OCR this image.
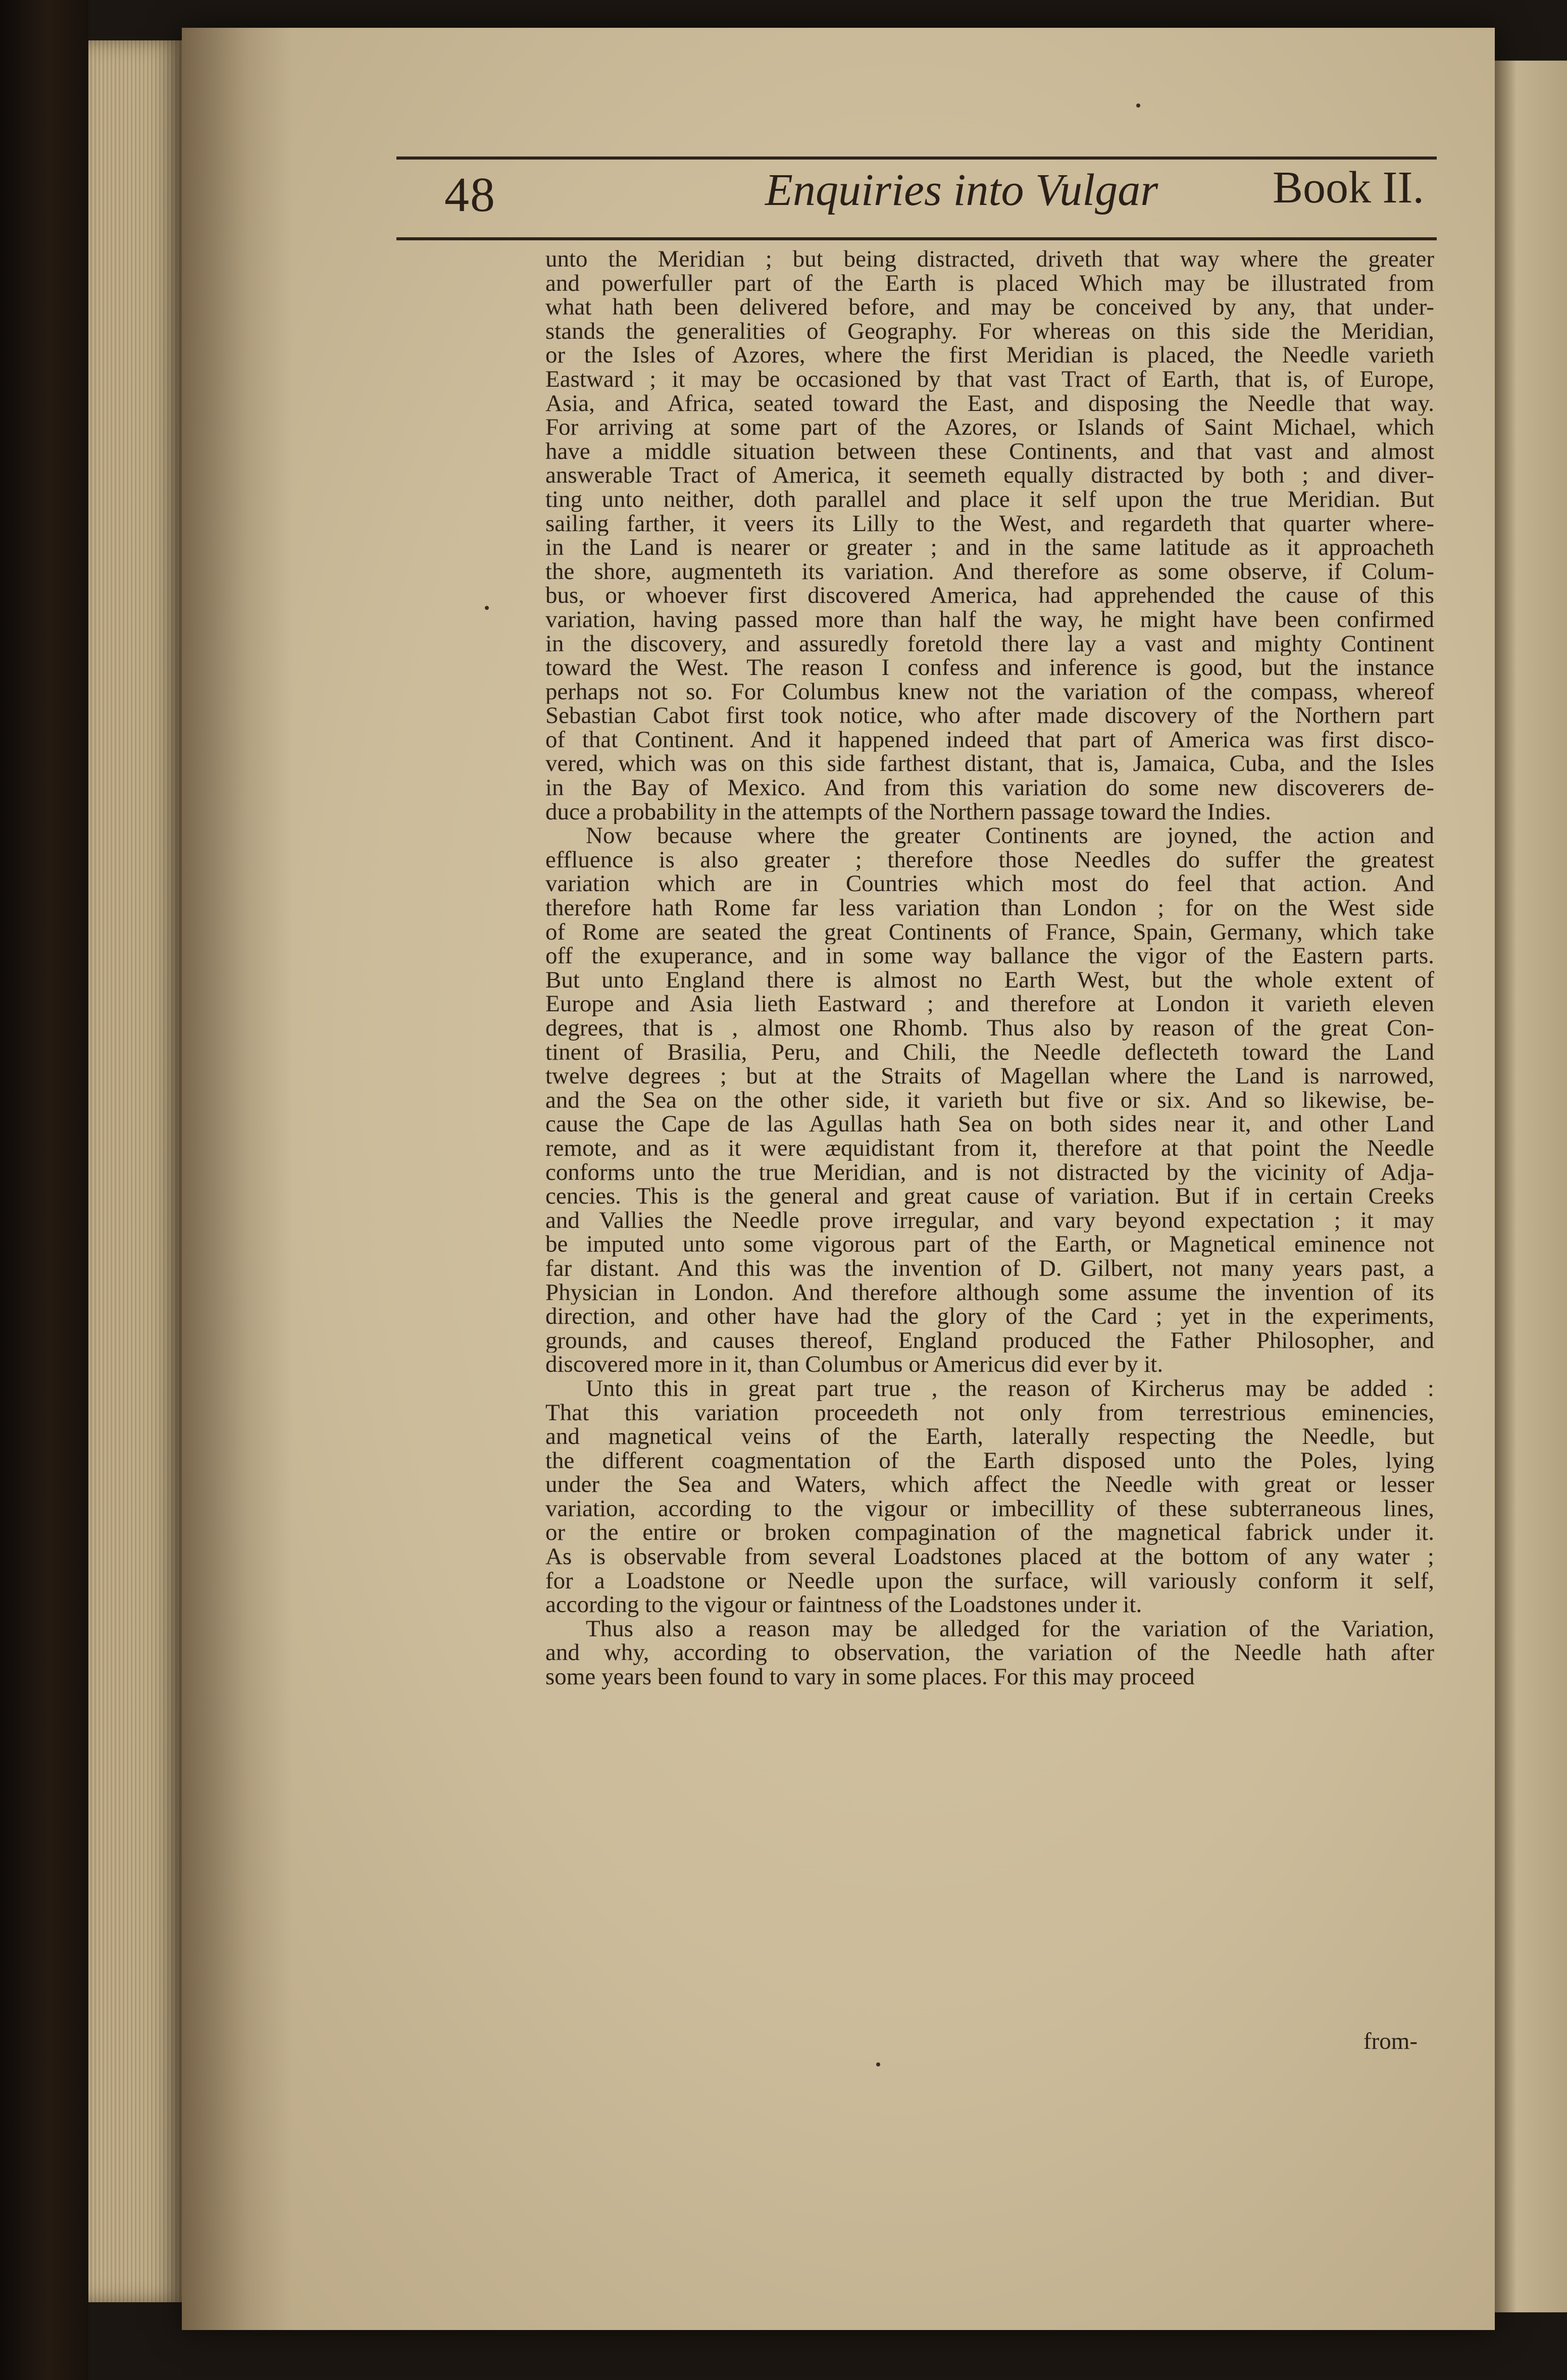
48	Enquiries into Vulgar	Book II.
unto the Meridian ; but being distracted, driveth that way where the greater
and powerfuller part of the Earth is placed Which may be illustrated from
what hath been delivered before, and may be conceived by any, that under-
stands the generalities of Geography. For whereas on this side the Meridian,
or the Isles of Azores, where the first Meridian is placed, the Needle varieth
Eastward ; it may be occasioned by that vast Tract of Earth, that is, of Europe,
Asia, and Africa, seated toward the East, and disposing the Needle that way.
For arriving at some part of the Azores, or Islands of Saint Michael, which
have a middle situation between these Continents, and that vast and almost
answerable Tract of America, it seemeth equally distracted by both ; and diver-
ting unto neither, doth parallel and place it self upon the true Meridian. But
sailing farther, it veers its Lilly to the West, and regardeth that quarter where-
in the Land is nearer or greater ; and in the same latitude as it approacheth
the shore, augmenteth its variation. And therefore as some observe, if Colum-
bus, or whoever first discovered America, had apprehended the cause of this
variation, having passed more than half the way, he might have been confirmed
in the discovery, and assuredly foretold there lay a vast and mighty Continent
toward the West. The reason I confess and inference is good, but the instance
perhaps not so. For Columbus knew not the variation of the compass, whereof
Sebastian Cabot first took notice, who after made discovery of the Northern part
of that Continent. And it happened indeed that part of America was first disco-
vered, which was on this side farthest distant, that is, Jamaica, Cuba, and the Isles
in the Bay of Mexico. And from this variation do some new discoverers de-
duce a probability in the attempts of the Northern passage toward the Indies.
Now because where the greater Continents are joyned, the action and
effluence is also greater ; therefore those Needles do suffer the greatest
variation which are in Countries which most do feel that action. And
therefore hath Rome far less variation than London ; for on the West side
of Rome are seated the great Continents of France, Spain, Germany, which take
off the exuperance, and in some way ballance the vigor of the Eastern parts.
But unto England there is almost no Earth West, but the whole extent of
Europe and Asia lieth Eastward ; and therefore at London it varieth eleven
degrees, that is , almost one Rhomb. Thus also by reason of the great Con-
tinent of Brasilia, Peru, and Chili, the Needle deflecteth toward the Land
twelve degrees ; but at the Straits of Magellan where the Land is narrowed,
and the Sea on the other side, it varieth but five or six. And so likewise, be-
cause the Cape de las Agullas hath Sea on both sides near it, and other Land
remote, and as it were æquidistant from it, therefore at that point the Needle
conforms unto the true Meridian, and is not distracted by the vicinity of Adja-
cencies. This is the general and great cause of variation. But if in certain Creeks
and Vallies the Needle prove irregular, and vary beyond expectation ; it may
be imputed unto some vigorous part of the Earth, or Magnetical eminence not
far distant. And this was the invention of D. Gilbert, not many years past, a
Physician in London. And therefore although some assume the invention of its
direction, and other have had the glory of the Card ; yet in the experiments,
grounds, and causes thereof, England produced the Father Philosopher, and
discovered more in it, than Columbus or Americus did ever by it.
Unto this in great part true , the reason of Kircherus may be added :
That this variation proceedeth not only from terrestrious eminencies,
and magnetical veins of the Earth, laterally respecting the Needle, but
the different coagmentation of the Earth disposed unto the Poles, lying
under the Sea and Waters, which affect the Needle with great or lesser
variation, according to the vigour or imbecillity of these subterraneous lines,
or the entire or broken compagination of the magnetical fabrick under it.
As is observable from several Loadstones placed at the bottom of any water ;
for a Loadstone or Needle upon the surface, will variously conform it self,
according to the vigour or faintness of the Loadstones under it.
Thus also a reason may be alledged for the variation of the Variation,
and why, according to observation, the variation of the Needle hath after
some years been found to vary in some places. For this may proceed
from-
